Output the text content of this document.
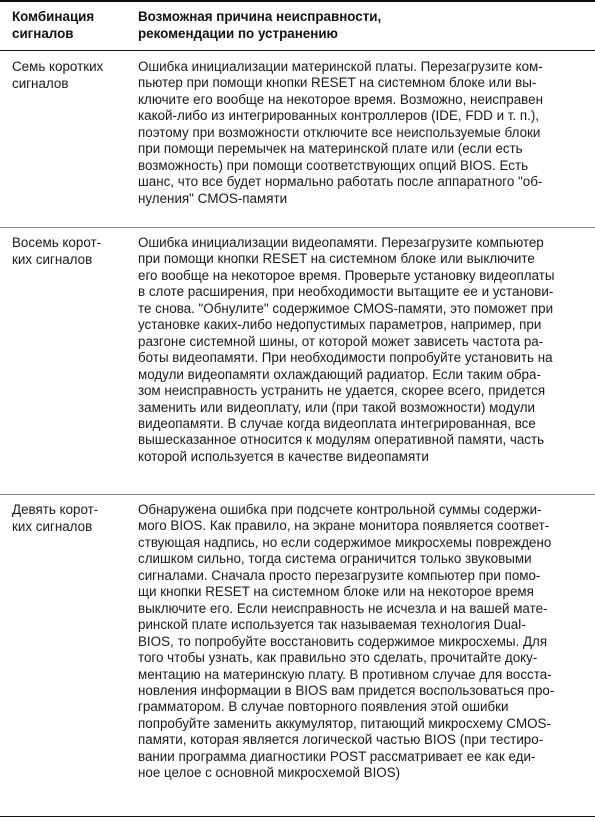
Комбинация
сигналов
Возможная причина неисправности,
рекомендации по устранению
Семь коротких
сигналов
Ошибка инициализации материнской платы. Перезагрузите ком-
пьютер при помощи кнопки RESET на системном блоке или вы-
ключите его вообще на некоторое время. Возможно, неисправен
какой-либо из интегрированных контроллеров (IDE, FDD и т. п.),
поэтому при возможности отключите все неиспользуемые блоки
при помощи перемычек на материнской плате или (если есть
возможность) при помощи соответствующих опций BIOS. Есть
шанс, что все будет нормально работать после аппаратного "об-
нуления" CMOS-памяти
Восемь корот-
ких сигналов
Ошибка инициализации видеопамяти. Перезагрузите компьютер
при помощи кнопки RESET на системном блоке или выключите
его вообще на некоторое время. Проверьте установку видеоплаты
в слоте расширения, при необходимости вытащите ее и установи-
те снова. "Обнулите" содержимое CMOS-памяти, это поможет при
установке каких-либо недопустимых параметров, например, при
разгоне системной шины, от которой может зависеть частота ра-
боты видеопамяти. При необходимости попробуйте установить на
модули видеопамяти охлаждающий радиатор. Если таким обра-
зом неисправность устранить не удается, скорее всего, придется
заменить или видеоплату, или (при такой возможности) модули
видеопамяти. В случае когда видеоплата интегрированная, все
вышесказанное относится к модулям оперативной памяти, часть
которой используется в качестве видеопамяти
Девять корот-
ких сигналов
Обнаружена ошибка при подсчете контрольной суммы содержи-
мого BIOS. Как правило, на экране монитора появляется соответ-
ствующая надпись, но если содержимое микросхемы повреждено
слишком сильно, тогда система ограничится только звуковыми
сигналами. Сначала просто перезагрузите компьютер при помо-
щи кнопки RESET на системном блоке или на некоторое время
выключите его. Если неисправность не исчезла и на вашей мате-
ринской плате используется так называемая технология Dual-
BIOS, то попробуйте восстановить содержимое микросхемы. Для
того чтобы узнать, как правильно это сделать, прочитайте доку-
ментацию на материнскую плату. В противном случае для восста-
новления информации в BIOS вам придется воспользоваться про-
грамматором. В случае повторного появления этой ошибки
попробуйте заменить аккумулятор, питающий микросхему CMOS-
памяти, которая является логической частью BIOS (при тестиро-
вании программа диагностики POST рассматривает ее как еди-
ное целое с основной микросхемой BIOS)
